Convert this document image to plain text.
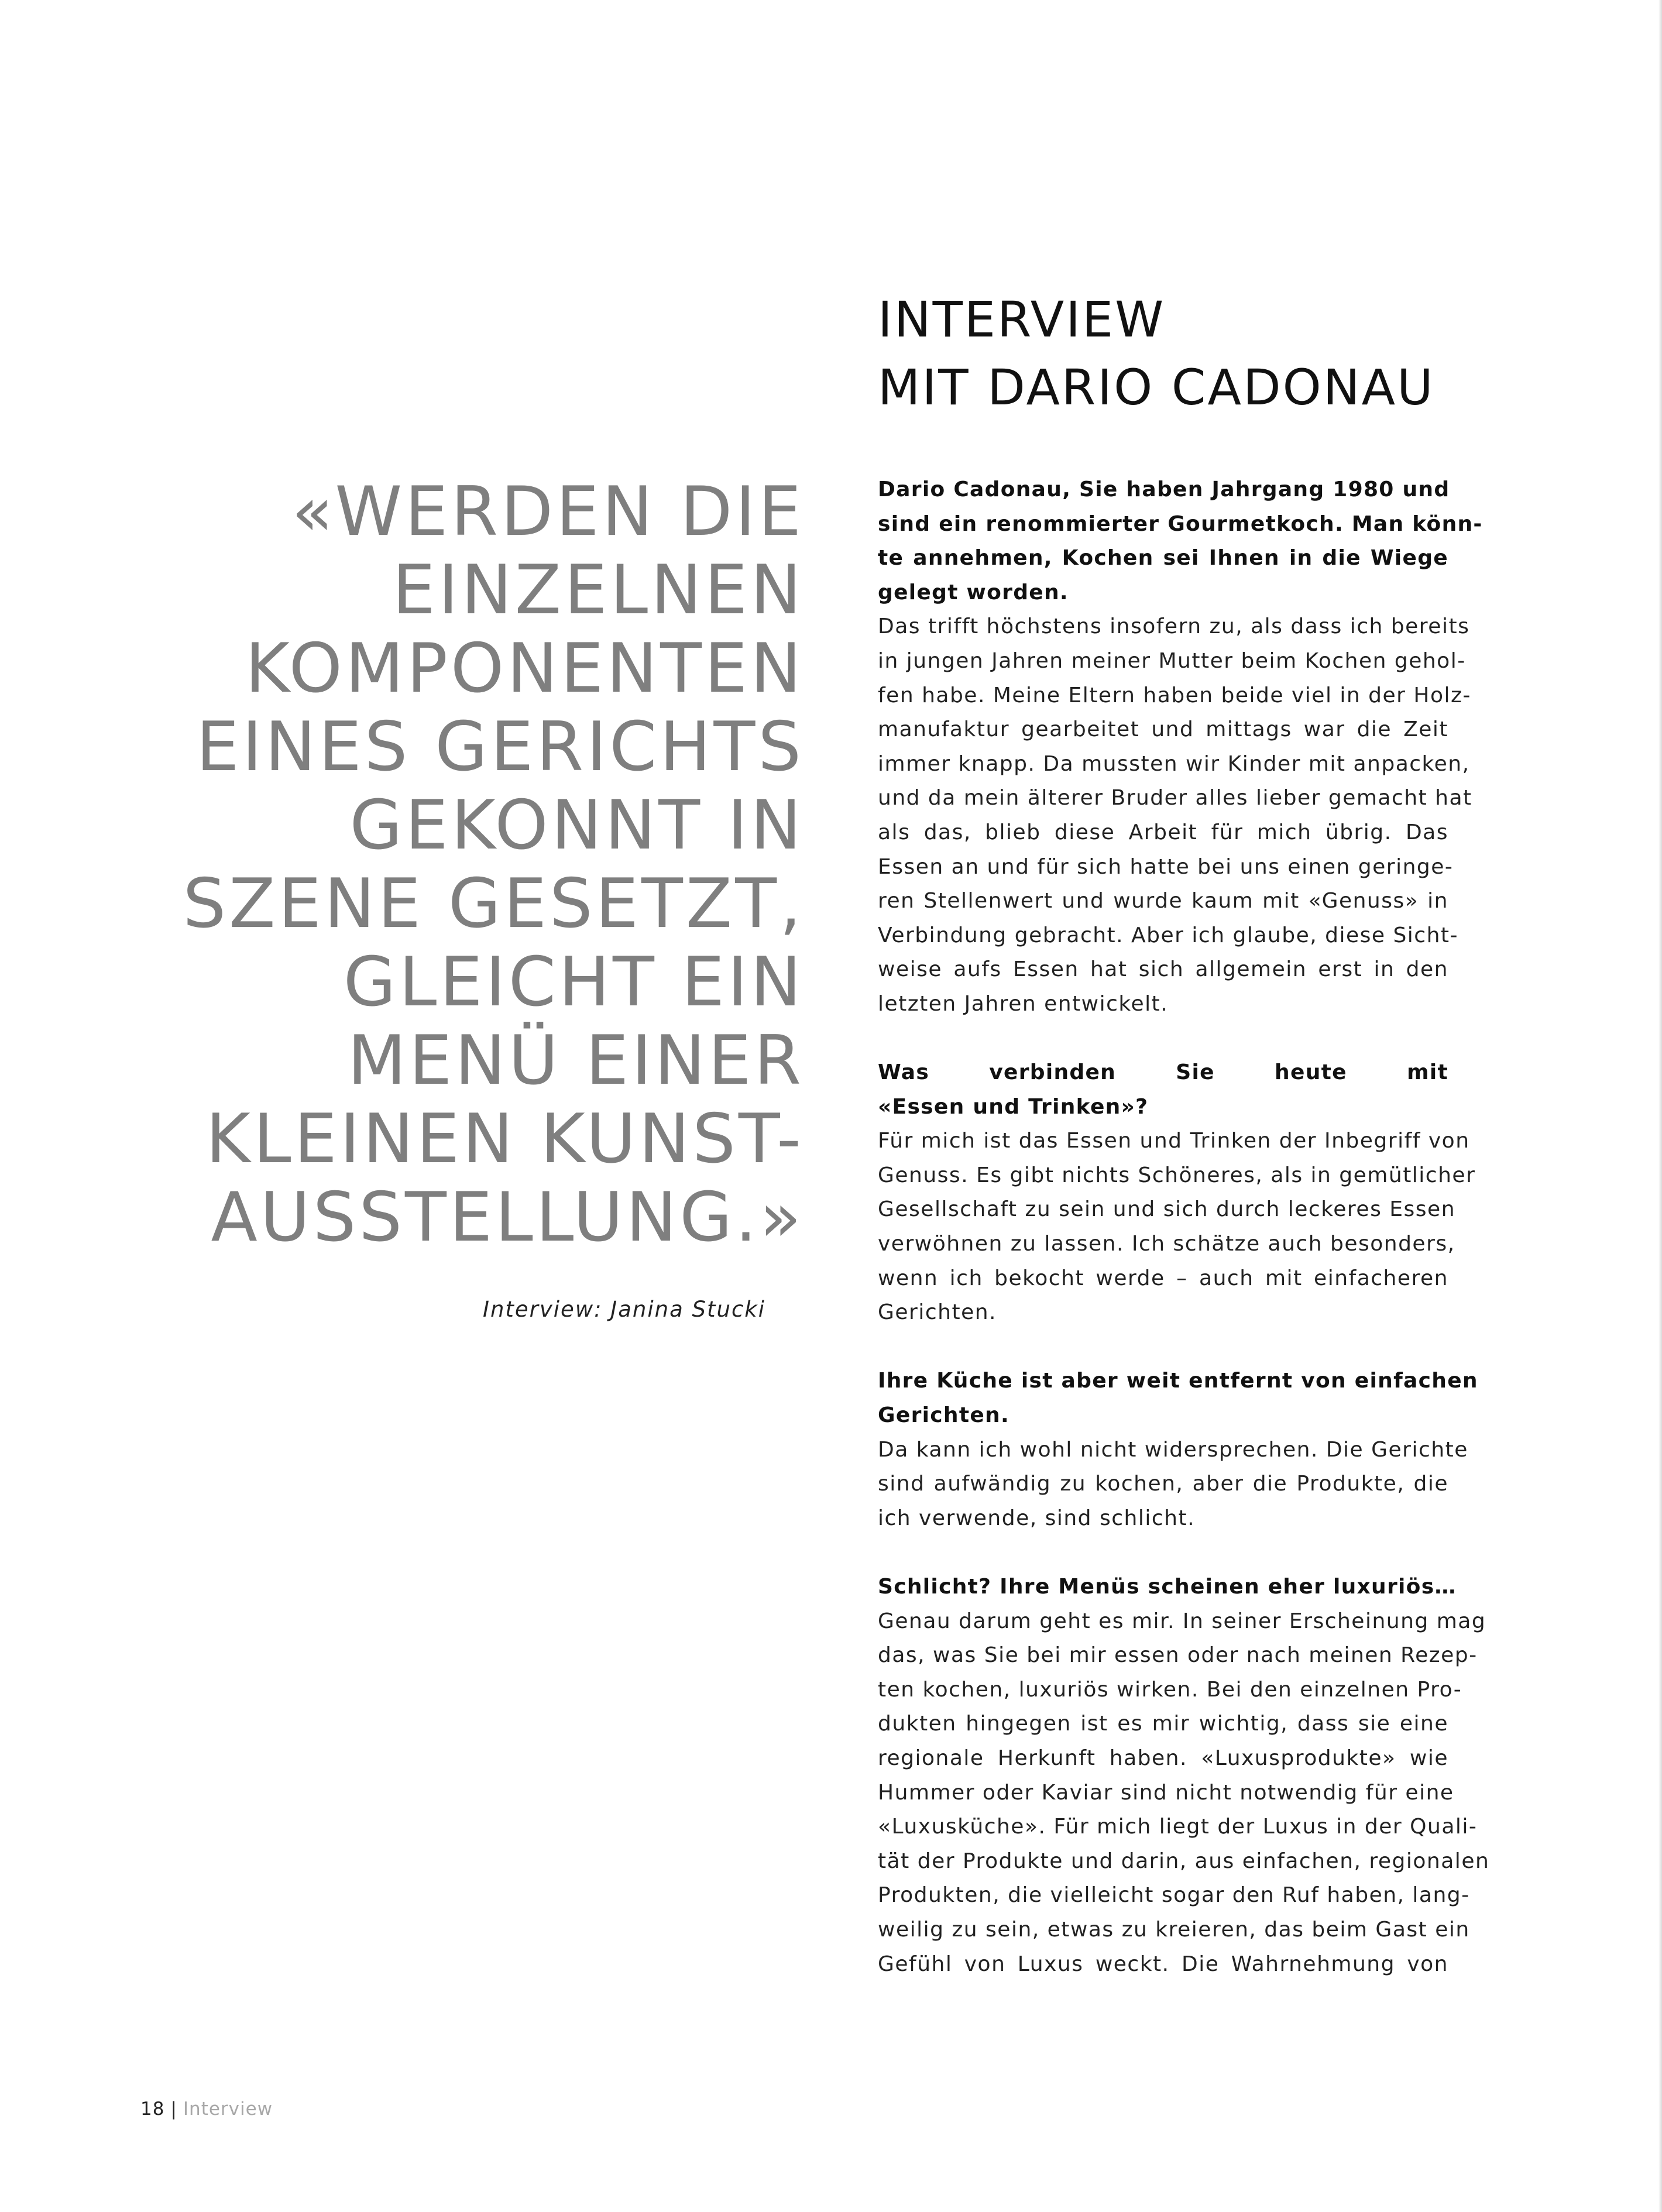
INTERVIEW
MIT DARIO CADONAU
«WERDEN DIE
EINZELNEN
KOMPONENTEN
EINES GERICHTS
GEKONNT IN
SZENE GESETZT,
GLEICHT EIN
MENÜ EINER
KLEINEN KUNST-
AUSSTELLUNG.»
Interview: Janina Stucki
Dario Cadonau, Sie haben Jahrgang 1980 und
sind ein renommierter Gourmetkoch. Man könn-
te annehmen, Kochen sei Ihnen in die Wiege
gelegt worden.
Das trifft höchstens insofern zu, als dass ich bereits
in jungen Jahren meiner Mutter beim Kochen gehol-
fen habe. Meine Eltern haben beide viel in der Holz-
manufaktur gearbeitet und mittags war die Zeit
immer knapp. Da mussten wir Kinder mit anpacken,
und da mein älterer Bruder alles lieber gemacht hat
als das, blieb diese Arbeit für mich übrig. Das
Essen an und für sich hatte bei uns einen geringe-
ren Stellenwert und wurde kaum mit «Genuss» in
Verbindung gebracht. Aber ich glaube, diese Sicht-
weise aufs Essen hat sich allgemein erst in den
letzten Jahren entwickelt.
Was verbinden Sie heute mit
«Essen und Trinken»?
Für mich ist das Essen und Trinken der Inbegriff von
Genuss. Es gibt nichts Schöneres, als in gemütlicher
Gesellschaft zu sein und sich durch leckeres Essen
verwöhnen zu lassen. Ich schätze auch besonders,
wenn ich bekocht werde – auch mit einfacheren
Gerichten.
Ihre Küche ist aber weit entfernt von einfachen
Gerichten.
Da kann ich wohl nicht widersprechen. Die Gerichte
sind aufwändig zu kochen, aber die Produkte, die
ich verwende, sind schlicht.
Schlicht? Ihre Menüs scheinen eher luxuriös…
Genau darum geht es mir. In seiner Erscheinung mag
das, was Sie bei mir essen oder nach meinen Rezep-
ten kochen, luxuriös wirken. Bei den einzelnen Pro-
dukten hingegen ist es mir wichtig, dass sie eine
regionale Herkunft haben. «Luxusprodukte» wie
Hummer oder Kaviar sind nicht notwendig für eine
«Luxusküche». Für mich liegt der Luxus in der Quali-
tät der Produkte und darin, aus einfachen, regionalen
Produkten, die vielleicht sogar den Ruf haben, lang-
weilig zu sein, etwas zu kreieren, das beim Gast ein
Gefühl von Luxus weckt. Die Wahrnehmung von
18 | Interview
